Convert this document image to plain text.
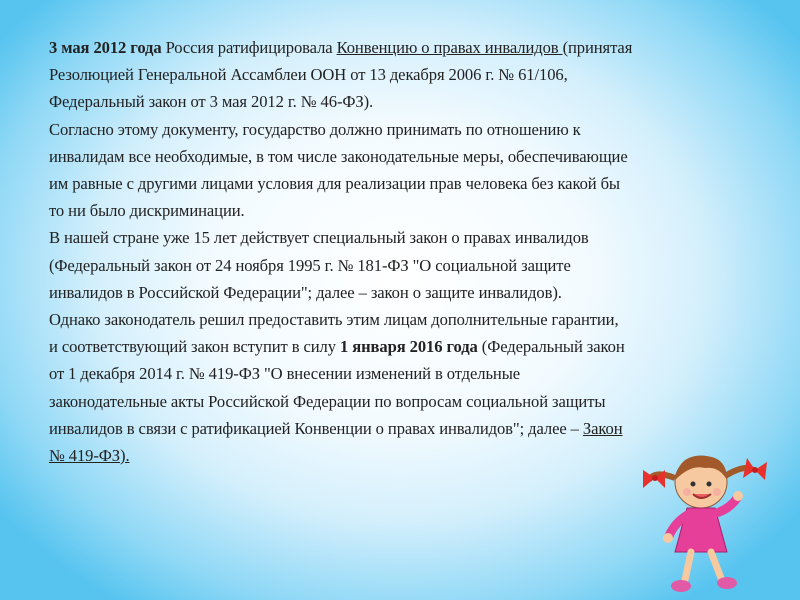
3 мая 2012 года Россия ратифицировала Конвенцию о правах инвалидов (принятая
Резолюцией Генеральной Ассамблеи ООН от 13 декабря 2006 г. № 61/106,
Федеральный закон от 3 мая 2012 г. № 46-ФЗ).
Согласно этому документу, государство должно принимать по отношению к
инвалидам все необходимые, в том числе законодательные меры, обеспечивающие
им равные с другими лицами условия для реализации прав человека без какой бы
то ни было дискриминации.
В нашей стране уже 15 лет действует специальный закон о правах инвалидов
(Федеральный закон от 24 ноября 1995 г. № 181-ФЗ "О социальной защите
инвалидов в Российской Федерации"; далее – закон о защите инвалидов).
Однако законодатель решил предоставить этим лицам дополнительные гарантии,
и соответствующий закон вступит в силу 1 января 2016 года (Федеральный закон
от 1 декабря 2014 г. № 419-ФЗ "О внесении изменений в отдельные
законодательные акты Российской Федерации по вопросам социальной защиты
инвалидов в связи с ратификацией Конвенции о правах инвалидов"; далее – Закон
№ 419-ФЗ).
